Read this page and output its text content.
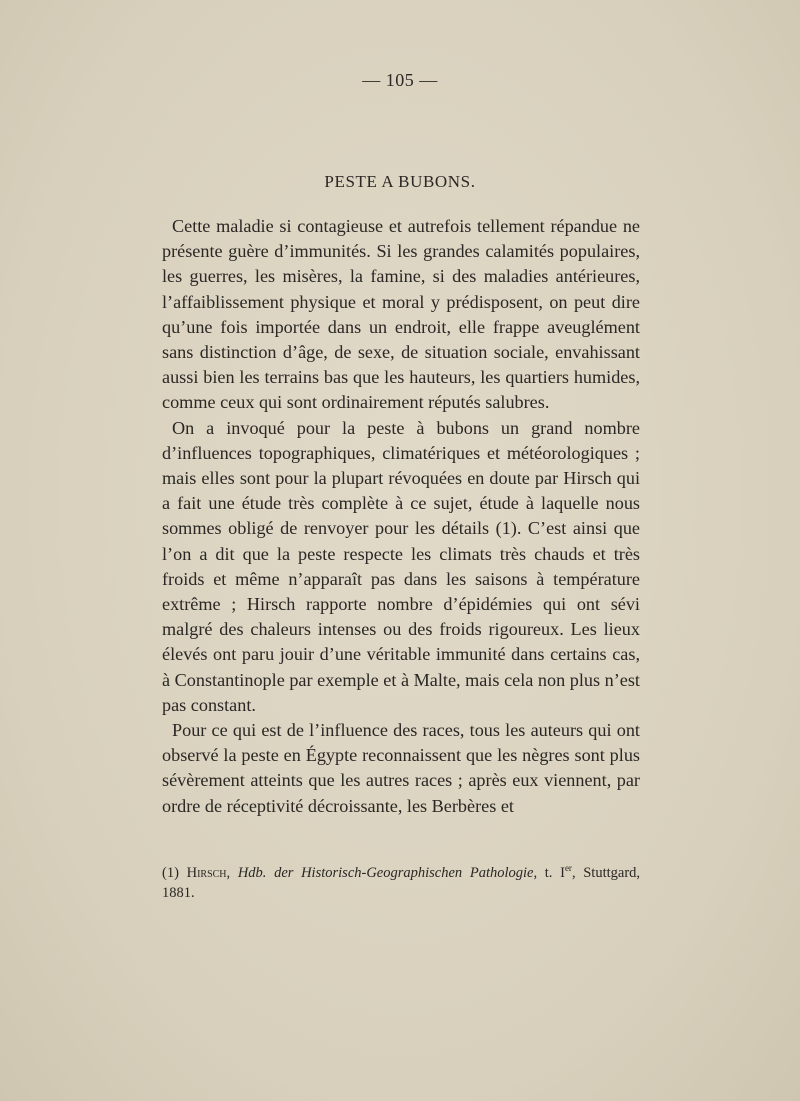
— 105 —
PESTE A BUBONS.

Cette maladie si contagieuse et autrefois tellement répandue ne présente guère d’immunités. Si les grandes calamités populaires, les guerres, les misères, la famine, si des maladies antérieures, l’affaiblissement physique et moral y prédisposent, on peut dire qu’une fois importée dans un endroit, elle frappe aveuglément sans distinction d’âge, de sexe, de situation sociale, envahissant aussi bien les terrains bas que les hauteurs, les quartiers humides, comme ceux qui sont ordinairement réputés salubres.

On a invoqué pour la peste à bubons un grand nombre d’influences topographiques, climatériques et météorologiques ; mais elles sont pour la plupart révoquées en doute par Hirsch qui a fait une étude très complète à ce sujet, étude à laquelle nous sommes obligé de renvoyer pour les détails (1). C’est ainsi que l’on a dit que la peste respecte les climats très chauds et très froids et même n’apparaît pas dans les saisons à température extrême ; Hirsch rapporte nombre d’épidémies qui ont sévi malgré des chaleurs intenses ou des froids rigoureux. Les lieux élevés ont paru jouir d’une véritable immunité dans certains cas, à Constantinople par exemple et à Malte, mais cela non plus n’est pas constant.

Pour ce qui est de l’influence des races, tous les auteurs qui ont observé la peste en Égypte reconnaissent que les nègres sont plus sévèrement atteints que les autres races ; après eux viennent, par ordre de réceptivité décroissante, les Berbères et

(1) Hirsch, Hdb. der Historisch-Geographischen Pathologie, t. Ier, Stuttgard, 1881.
